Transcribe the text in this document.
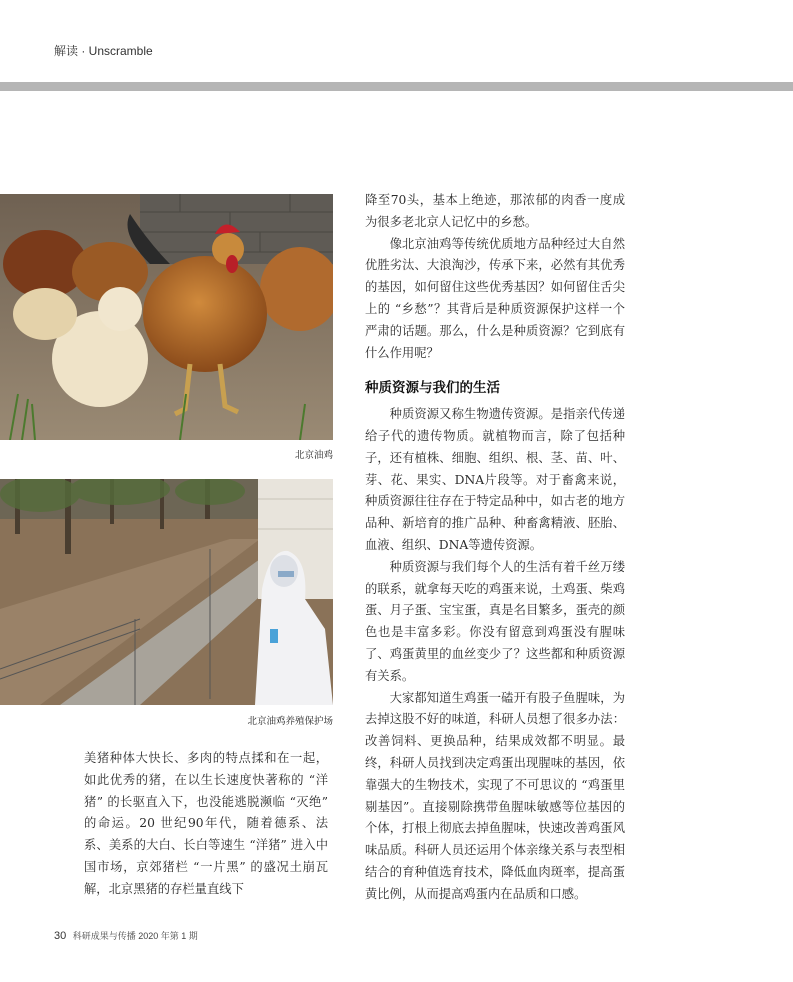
解读 · Unscramble
北京油鸡
北京油鸡养殖保护场

美猪种体大快长、多肉的特点揉和在一起，如此优秀的猪，在以生长速度快著称的 “洋猪” 的长驱直入下，也没能逃脱濒临 “灭绝” 的命运。20 世纪90年代，随着德系、法系、美系的大白、长白等速生 “洋猪” 进入中国市场，京郊猪栏 “一片黑” 的盛况土崩瓦解，北京黑猪的存栏量直线下

降至70头，基本上绝迹，那浓郁的肉香一度成为很多老北京人记忆中的乡愁。

像北京油鸡等传统优质地方品种经过大自然优胜劣汰、大浪淘沙，传承下来，必然有其优秀的基因，如何留住这些优秀基因？如何留住舌尖上的 “乡愁”？其背后是种质资源保护这样一个严肃的话题。那么，什么是种质资源？它到底有什么作用呢？

种质资源与我们的生活

种质资源又称生物遗传资源。是指亲代传递给子代的遗传物质。就植物而言，除了包括种子，还有植株、细胞、组织、根、茎、苗、叶、芽、花、果实、DNA片段等。对于畜禽来说，种质资源往往存在于特定品种中，如古老的地方品种、新培育的推广品种、种畜禽精液、胚胎、血液、组织、DNA等遗传资源。

种质资源与我们每个人的生活有着千丝万缕的联系，就拿每天吃的鸡蛋来说，土鸡蛋、柴鸡蛋、月子蛋、宝宝蛋，真是名目繁多，蛋壳的颜色也是丰富多彩。你没有留意到鸡蛋没有腥味了、鸡蛋黄里的血丝变少了？这些都和种质资源有关系。

大家都知道生鸡蛋一磕开有股子鱼腥味，为去掉这股不好的味道，科研人员想了很多办法：改善饲料、更换品种，结果成效都不明显。最终，科研人员找到决定鸡蛋出现腥味的基因，依靠强大的生物技术，实现了不可思议的 “鸡蛋里剔基因”。直接剔除携带鱼腥味敏感等位基因的个体，打根上彻底去掉鱼腥味，快速改善鸡蛋风味品质。科研人员还运用个体亲缘关系与表型相结合的育种值选育技术，降低血肉斑率，提高蛋黄比例，从而提高鸡蛋内在品质和口感。

30 科研成果与传播 2020 年第 1 期
